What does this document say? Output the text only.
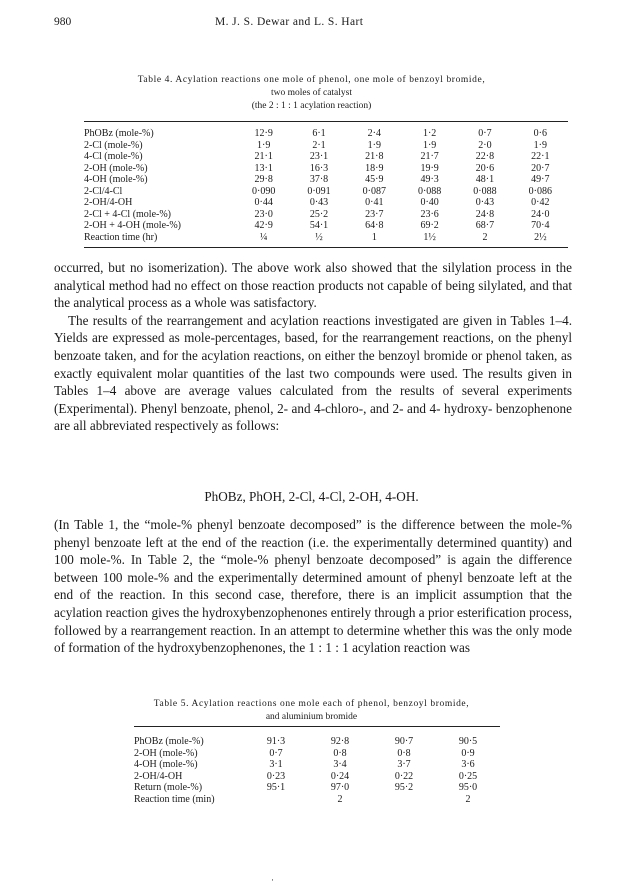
980	M. J. S. Dewar and L. S. Hart
Table 4. Acylation reactions one mole of phenol, one mole of benzoyl bromide,
two moles of catalyst
(the 2 : 1 : 1 acylation reaction)
PhOBz (mole-%)	12·9	6·1	2·4	1·2	0·7	0·6
2-Cl (mole-%)	1·9	2·1	1·9	1·9	2·0	1·9
4-Cl (mole-%)	21·1	23·1	21·8	21·7	22·8	22·1
2-OH (mole-%)	13·1	16·3	18·9	19·9	20·6	20·7
4-OH (mole-%)	29·8	37·8	45·9	49·3	48·1	49·7
2-Cl/4-Cl	0·090	0·091	0·087	0·088	0·088	0·086
2-OH/4-OH	0·44	0·43	0·41	0·40	0·43	0·42
2-Cl + 4-Cl (mole-%)	23·0	25·2	23·7	23·6	24·8	24·0
2-OH + 4-OH (mole-%)	42·9	54·1	64·8	69·2	68·7	70·4
Reaction time (hr)	¼	½	1	1½	2	2½

occurred, but no isomerization). The above work also showed that the silylation process in the analytical method had no effect on those reaction products not capable of being silylated, and that the analytical process as a whole was satisfactory.

The results of the rearrangement and acylation reactions investigated are given in Tables 1–4. Yields are expressed as mole-percentages, based, for the rearrangement reactions, on the phenyl benzoate taken, and for the acylation reactions, on either the benzoyl bromide or phenol taken, as exactly equivalent molar quantities of the last two compounds were used. The results given in Tables 1–4 above are average values calculated from the results of several experiments (Experimental). Phenyl benzoate, phenol, 2- and 4-chloro-, and 2- and 4- hydroxy- benzophenone are all abbreviated respectively as follows:

PhOBz, PhOH, 2-Cl, 4-Cl, 2-OH, 4-OH.

(In Table 1, the “mole-% phenyl benzoate decomposed” is the difference between the mole-% phenyl benzoate left at the end of the reaction (i.e. the experimentally determined quantity) and 100 mole-%. In Table 2, the “mole-% phenyl benzoate decomposed” is again the difference between 100 mole-% and the experimentally determined amount of phenyl benzoate left at the end of the reaction. In this second case, therefore, there is an implicit assumption that the acylation reaction gives the hydroxybenzophenones entirely through a prior esterification process, followed by a rearrangement reaction. In an attempt to determine whether this was the only mode of formation of the hydroxybenzophenones, the 1 : 1 : 1 acylation reaction was

Table 5. Acylation reactions one mole each of phenol, benzoyl bromide,
and aluminium bromide
PhOBz (mole-%)	91·3	92·8	90·7	90·5
2-OH (mole-%)	0·7	0·8	0·8	0·9
4-OH (mole-%)	3·1	3·4	3·7	3·6
2-OH/4-OH	0·23	0·24	0·22	0·25
Return (mole-%)	95·1	97·0	95·2	95·0
Reaction time (min)		2		2
·
